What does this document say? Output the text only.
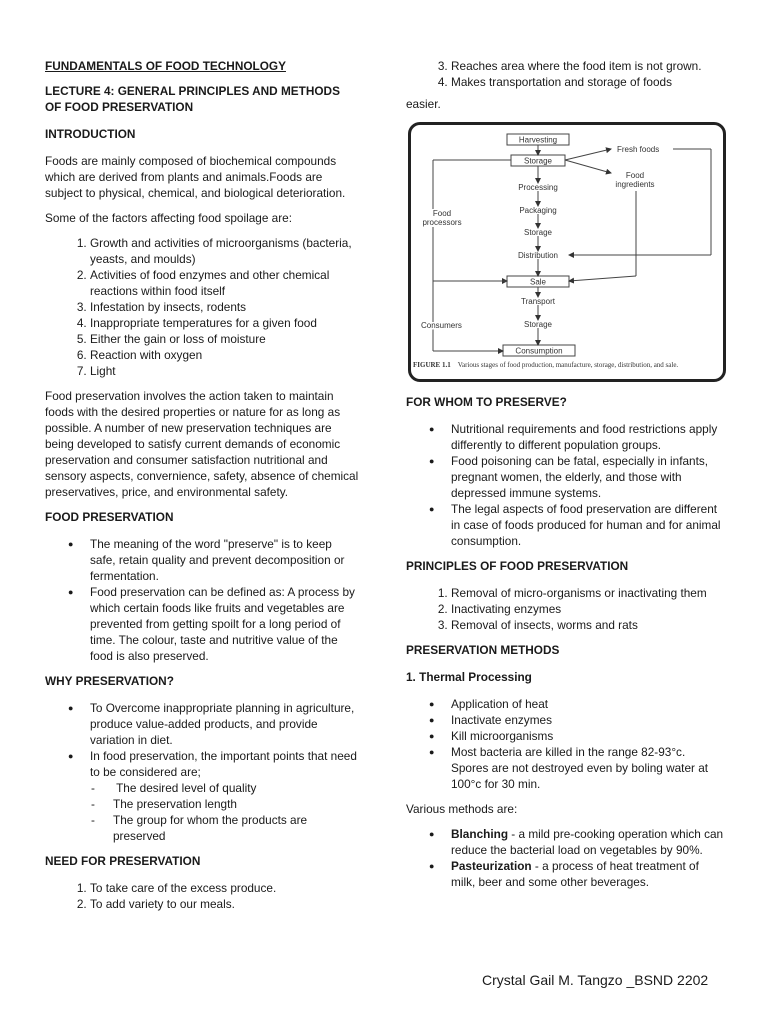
FUNDAMENTALS OF FOOD TECHNOLOGY
LECTURE 4: GENERAL PRINCIPLES AND METHODS OF FOOD PRESERVATION
INTRODUCTION

Foods are mainly composed of biochemical compounds which are derived from plants and animals.Foods are subject to physical, chemical, and biological deterioration.

Some of the factors affecting food spoilage are:

1. Growth and activities of microorganisms (bacteria, yeasts, and moulds)
2. Activities of food enzymes and other chemical reactions within food itself
3. Infestation by insects, rodents
4. Inappropriate temperatures for a given food
5. Either the gain or loss of moisture
6. Reaction with oxygen
7. Light

Food preservation involves the action taken to maintain foods with the desired properties or nature for as long as possible. A number of new preservation techniques are being developed to satisfy current demands of economic preservation and consumer satisfaction nutritional and sensory aspects, convernience, safety, absence of chemical preservatives, price, and environmental safety.

FOOD PRESERVATION
● The meaning of the word "preserve" is to keep safe, retain quality and prevent decomposition or fermentation.
● Food preservation can be defined as: A process by which certain foods like fruits and vegetables are prevented from getting spoilt for a long period of time. The colour, taste and nutritive value of the food is also preserved.
WHY PRESERVATION?
● To Overcome inappropriate planning in agriculture, produce value-added products, and provide variation in diet.
● In food preservation, the important points that need to be considered are;
- The desired level of quality
- The preservation length
- The group for whom the products are preserved
NEED FOR PRESERVATION
1. To take care of the excess produce.
2. To add variety to our meals.
3. Reaches area where the food item is not grown.
4. Makes transportation and storage of foods

easier.

Harvesting
Storage
Processing
Packaging
Storage
Distribution
Sale
Transport
Storage
Consumption
Fresh foods
Food ingredients
Food processors
Consumers
FIGURE 1.1 Various stages of food production, manufacture, storage, distribution, and sale.
FOR WHOM TO PRESERVE?
● Nutritional requirements and food restrictions apply differently to different population groups.
● Food poisoning can be fatal, especially in infants, pregnant women, the elderly, and those with depressed immune systems.
● The legal aspects of food preservation are different in case of foods produced for human and for animal consumption.
PRINCIPLES OF FOOD PRESERVATION
1. Removal of micro-organisms or inactivating them
2. Inactivating enzymes
3. Removal of insects, worms and rats
PRESERVATION METHODS
1. Thermal Processing
● Application of heat
● Inactivate enzymes
● Kill microorganisms
● Most bacteria are killed in the range 82-93°c. Spores are not destroyed even by boling water at 100°c for 30 min.

Various methods are:

● Blanching - a mild pre-cooking operation which can reduce the bacterial load on vegetables by 90%.
● Pasteurization - a process of heat treatment of milk, beer and some other beverages.
Crystal Gail M. Tangzo _BSND 2202
